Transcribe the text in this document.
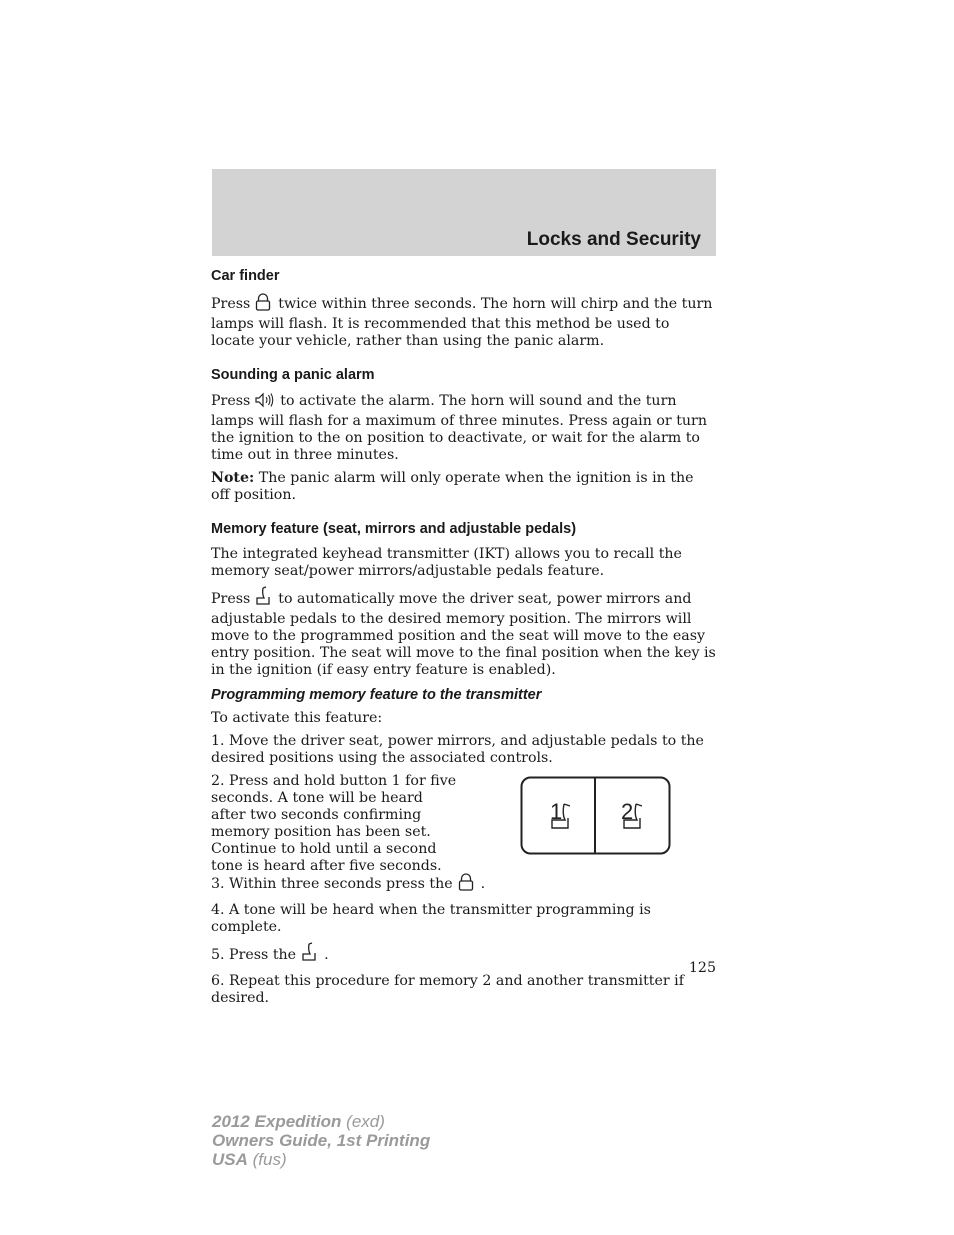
Locks and Security
Car finder

Press twice within three seconds. The horn will chirp and the turn lamps will flash. It is recommended that this method be used to locate your vehicle, rather than using the panic alarm.

Sounding a panic alarm

Press to activate the alarm. The horn will sound and the turn lamps will flash for a maximum of three minutes. Press again or turn the ignition to the on position to deactivate, or wait for the alarm to time out in three minutes.

Note: The panic alarm will only operate when the ignition is in the off position.

Memory feature (seat, mirrors and adjustable pedals)

The integrated keyhead transmitter (IKT) allows you to recall the memory seat/power mirrors/adjustable pedals feature.

Press to automatically move the driver seat, power mirrors and adjustable pedals to the desired memory position. The mirrors will move to the programmed position and the seat will move to the easy entry position. The seat will move to the final position when the key is in the ignition (if easy entry feature is enabled).

Programming memory feature to the transmitter

To activate this feature:

1. Move the driver seat, power mirrors, and adjustable pedals to the desired positions using the associated controls.

2. Press and hold button 1 for five seconds. A tone will be heard after two seconds confirming memory position has been set. Continue to hold until a second tone is heard after five seconds.

1	2

3. Within three seconds press the .

4. A tone will be heard when the transmitter programming is complete.

5. Press the .

6. Repeat this procedure for memory 2 and another transmitter if desired.

125
2012 Expedition (exd)
Owners Guide, 1st Printing
USA (fus)
